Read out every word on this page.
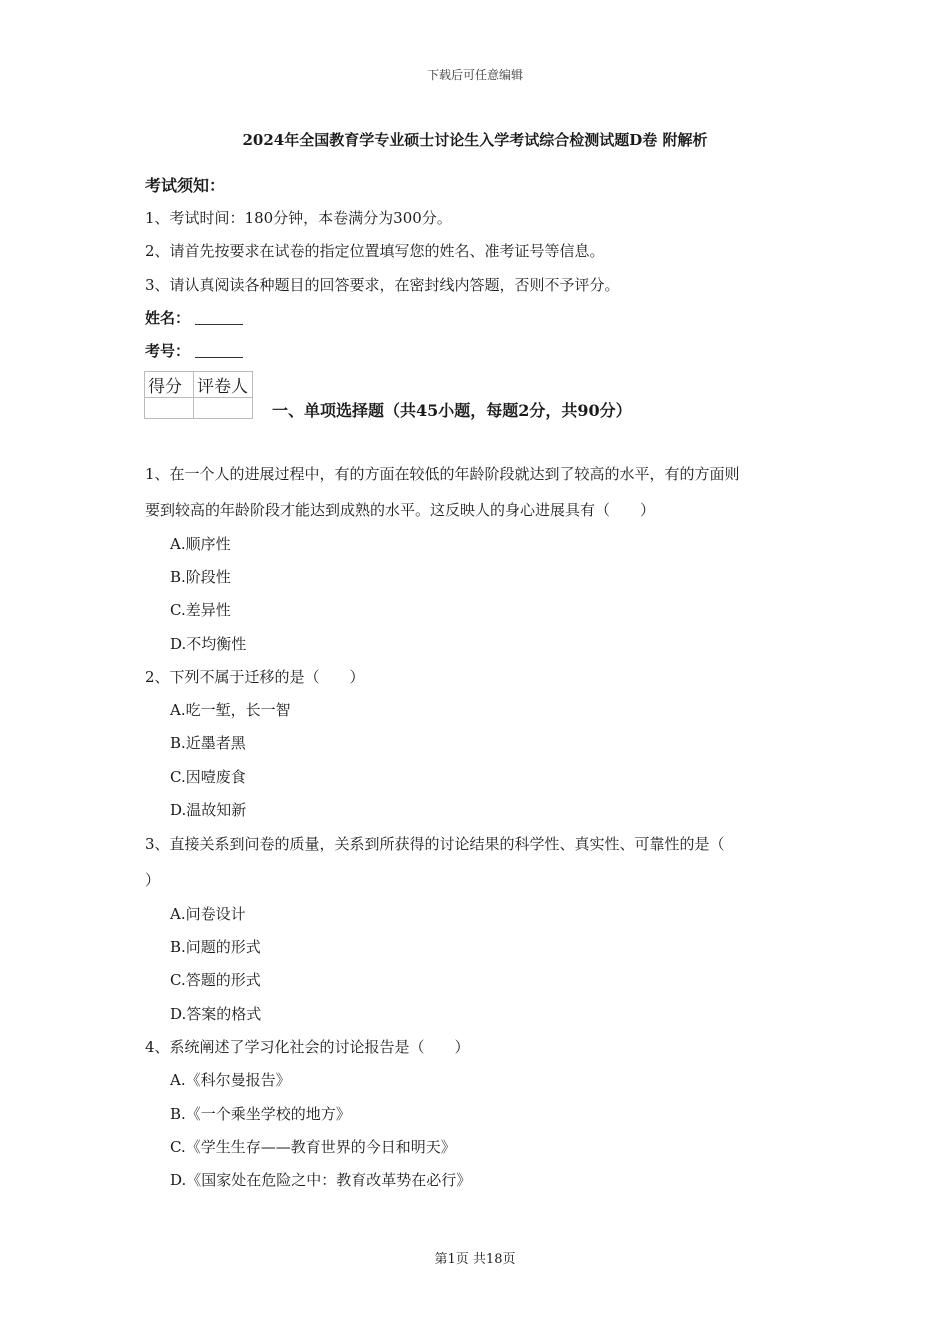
下载后可任意编辑
2024年全国教育学专业硕士讨论生入学考试综合检测试题D卷 附解析
考试须知：
1、考试时间：180分钟，本卷满分为300分。
2、请首先按要求在试卷的指定位置填写您的姓名、准考证号等信息。
3、请认真阅读各种题目的回答要求，在密封线内答题，否则不予评分。
姓名：
考号：
得分	评卷人

一、单项选择题（共45小题，每题2分，共90分）
1、在一个人的进展过程中，有的方面在较低的年龄阶段就达到了较高的水平，有的方面则
要到较高的年龄阶段才能达到成熟的水平。这反映人的身心进展具有（　　）
A.顺序性
B.阶段性
C.差异性
D.不均衡性
2、下列不属于迁移的是（　　）
A.吃一堑，长一智
B.近墨者黑
C.因噎废食
D.温故知新
3、直接关系到问卷的质量，关系到所获得的讨论结果的科学性、真实性、可靠性的是（
）
A.问卷设计
B.问题的形式
C.答题的形式
D.答案的格式
4、系统阐述了学习化社会的讨论报告是（　　）
A.《科尔曼报告》
B.《一个乘坐学校的地方》
C.《学生生存——教育世界的今日和明天》
D.《国家处在危险之中：教育改革势在必行》
第1页 共18页
